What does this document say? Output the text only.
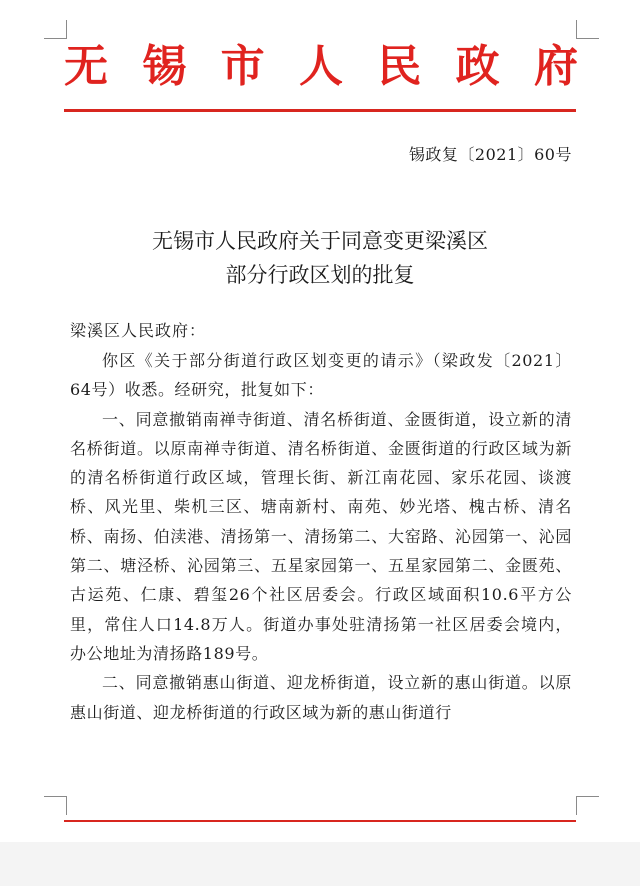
无 锡 市 人 民 政 府
锡政复〔2021〕60号
无锡市人民政府关于同意变更梁溪区
部分行政区划的批复
梁溪区人民政府：

你区《关于部分街道行政区划变更的请示》（梁政发〔2021〕64号）收悉。经研究，批复如下：

一、同意撤销南禅寺街道、清名桥街道、金匮街道，设立新的清名桥街道。以原南禅寺街道、清名桥街道、金匮街道的行政区域为新的清名桥街道行政区域，管理长街、新江南花园、家乐花园、谈渡桥、风光里、柴机三区、塘南新村、南苑、妙光塔、槐古桥、清名桥、南扬、伯渎港、清扬第一、清扬第二、大窑路、沁园第一、沁园第二、塘泾桥、沁园第三、五星家园第一、五星家园第二、金匮苑、古运苑、仁康、碧玺26个社区居委会。行政区域面积10.6平方公里，常住人口14.8万人。街道办事处驻清扬第一社区居委会境内，办公地址为清扬路189号。

二、同意撤销惠山街道、迎龙桥街道，设立新的惠山街道。以原惠山街道、迎龙桥街道的行政区域为新的惠山街道行
